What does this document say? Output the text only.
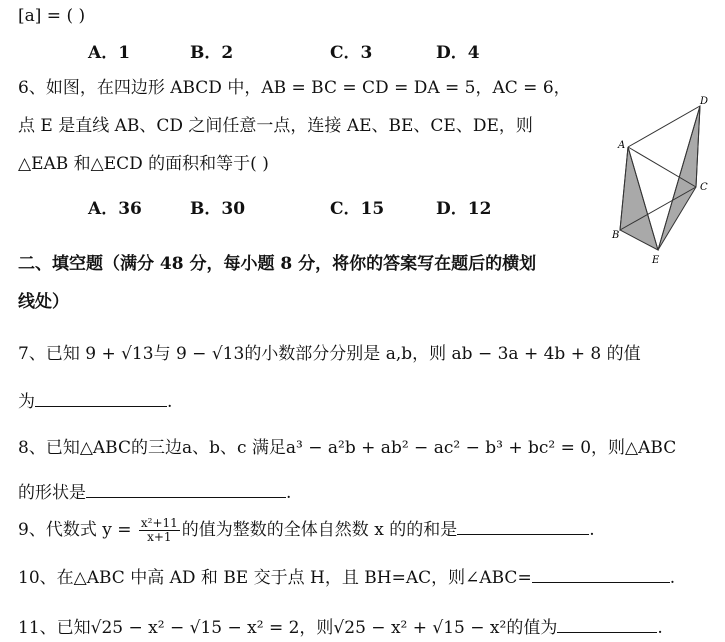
[a] = ( )
A．1	B．2	C．3	D．4
6、如图，在四边形 ABCD 中，AB = BC = CD = DA = 5，AC = 6，
点 E 是直线 AB、CD 之间任意一点，连接 AE、BE、CE、DE，则
△EAB 和△ECD 的面积和等于( )
A．36	B．30	C．15	D．12
A
D
C
B
E
二、填空题（满分 48 分，每小题 8 分，将你的答案写在题后的横划
线处）
7、已知 9 + √13与 9 − √13的小数部分分别是 a,b，则 ab − 3a + 4b + 8 的值
为	.
8、已知△ABC的三边a、b、c 满足a³ − a²b + ab² − ac² − b³ + bc² = 0，则△ABC
的形状是	.
9、代数式 $y = \frac{\text{x²+11}}{x+1}$ 的值为整数的全体自然数 x 的的和是	.
10、在△ABC 中高 AD 和 BE 交于点 H，且 BH=AC，则∠ABC=	.
11、已知√25 − x² − √15 − x² = 2，则√25 − x² + √15 − x²的值为	.
